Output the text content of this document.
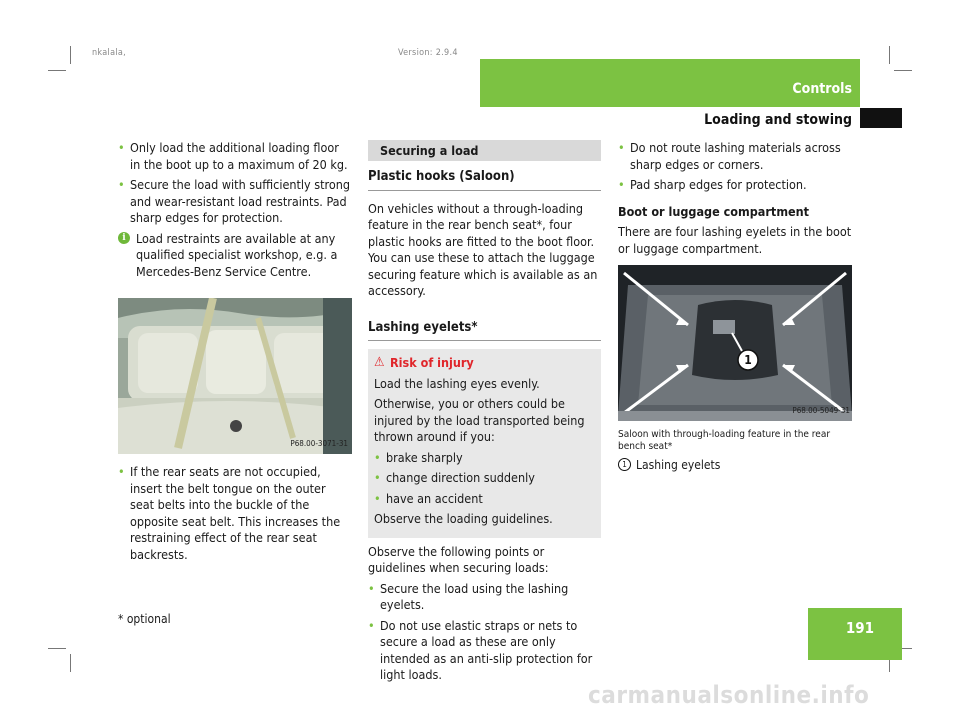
nkalala,	Version: 2.9.4
Controls
Loading and stowing
191
* optional
• Only load the additional loading floor in the boot up to a maximum of 20 kg.
• Secure the load with sufficiently strong and wear-resistant load restraints. Pad sharp edges for protection.
i Load restraints are available at any qualified specialist workshop, e.g. a Mercedes-Benz Service Centre.
P68.00-3071-31
• If the rear seats are not occupied, insert the belt tongue on the outer seat belts into the buckle of the opposite seat belt. This increases the restraining effect of the rear seat backrests.
Securing a load
Plastic hooks (Saloon)
On vehicles without a through-loading feature in the rear bench seat*, four plastic hooks are fitted to the boot floor. You can use these to attach the luggage securing feature which is available as an accessory.
Lashing eyelets*
⚠ Risk of injury
Load the lashing eyes evenly.
Otherwise, you or others could be injured by the load transported being thrown around if you:
• brake sharply
• change direction suddenly
• have an accident
Observe the loading guidelines.
Observe the following points or guidelines when securing loads:
• Secure the load using the lashing eyelets.
• Do not use elastic straps or nets to secure a load as these are only intended as an anti-slip protection for light loads.
• Do not route lashing materials across sharp edges or corners.
• Pad sharp edges for protection.
Boot or luggage compartment
There are four lashing eyelets in the boot or luggage compartment.
1
P68.00-5049-31
Saloon with through-loading feature in the rear bench seat*
1 Lashing eyelets
carmanualsonline.info
